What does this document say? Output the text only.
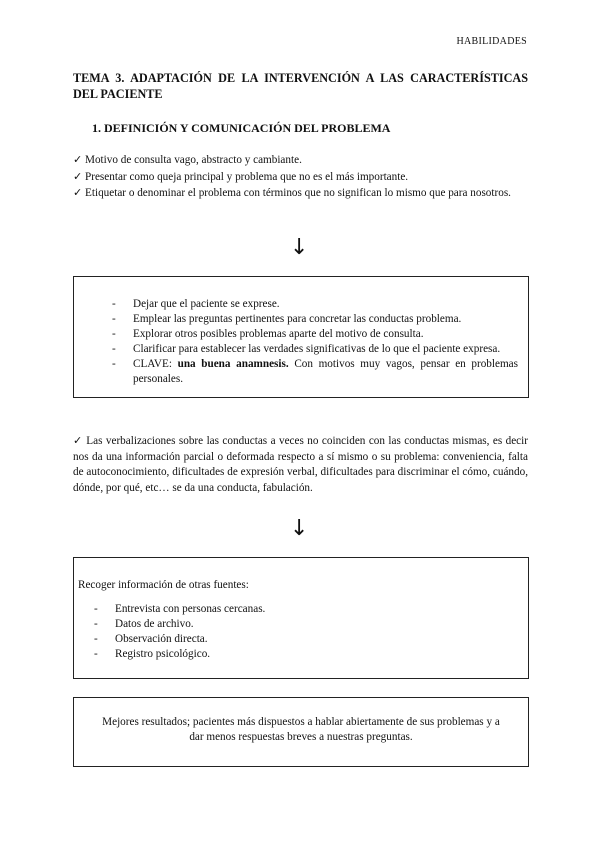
HABILIDADES
TEMA 3. ADAPTACIÓN DE LA INTERVENCIÓN A LAS CARACTERÍSTICAS DEL PACIENTE
1. DEFINICIÓN Y COMUNICACIÓN DEL PROBLEMA
✓ Motivo de consulta vago, abstracto y cambiante.
✓ Presentar como queja principal y problema que no es el más importante.
✓ Etiquetar o denominar el problema con términos que no significan lo mismo que para nosotros.
↓
- Dejar que el paciente se exprese.
- Emplear las preguntas pertinentes para concretar las conductas problema.
- Explorar otros posibles problemas aparte del motivo de consulta.
- Clarificar para establecer las verdades significativas de lo que el paciente expresa.
- CLAVE: una buena anamnesis. Con motivos muy vagos, pensar en problemas personales.
✓ Las verbalizaciones sobre las conductas a veces no coinciden con las conductas mismas, es decir nos da una información parcial o deformada respecto a sí mismo o su problema: conveniencia, falta de autoconocimiento, dificultades de expresión verbal, dificultades para discriminar el cómo, cuándo, dónde, por qué, etc… se da una conducta, fabulación.
↓
Recoger información de otras fuentes:
- Entrevista con personas cercanas.
- Datos de archivo.
- Observación directa.
- Registro psicológico.
Mejores resultados; pacientes más dispuestos a hablar abiertamente de sus problemas y a dar menos respuestas breves a nuestras preguntas.
